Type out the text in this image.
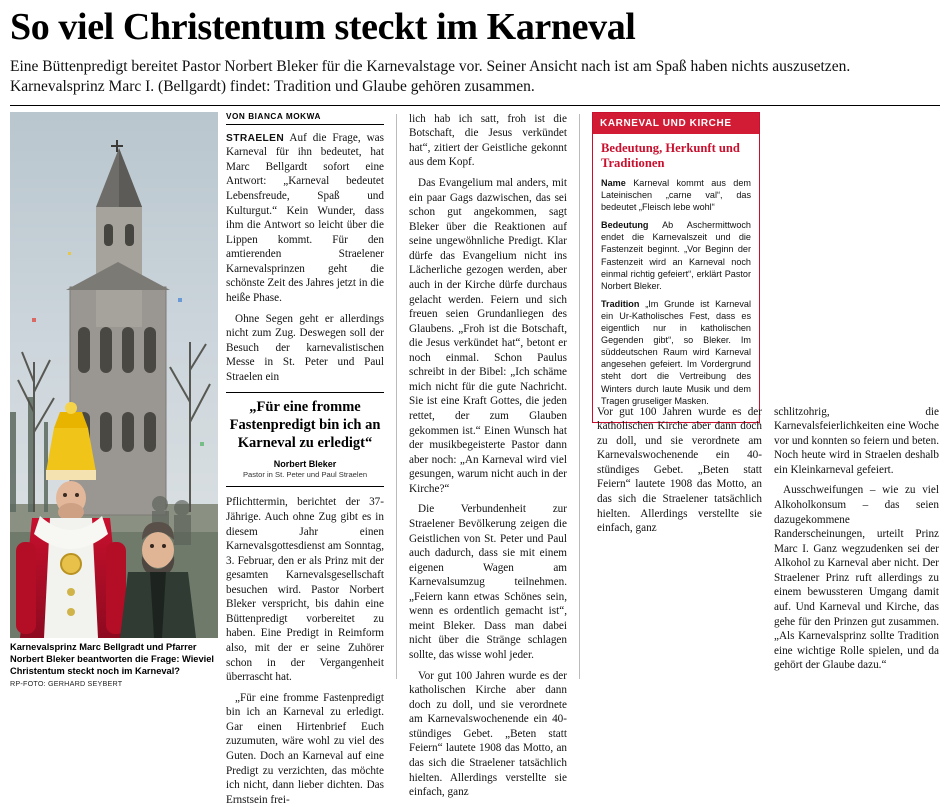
So viel Christentum steckt im Karneval
Eine Büttenpredigt bereitet Pastor Norbert Bleker für die Karnevalstage vor. Seiner Ansicht nach ist am Spaß haben nichts auszusetzen. Karnevalsprinz Marc I. (Bellgardt) findet: Tradition und Glaube gehören zusammen.
Karnevalsprinz Marc Bellgradt und Pfarrer Norbert Bleker beantworten die Frage: Wieviel Christentum steckt noch im Karneval?
RP-FOTO: GERHARD SEYBERT
VON BIANCA MOKWA

STRAELEN Auf die Frage, was Karneval für ihn bedeutet, hat Marc Bellgardt sofort eine Antwort: „Karneval bedeutet Lebensfreude, Spaß und Kulturgut.“ Kein Wunder, dass ihm die Antwort so leicht über die Lippen kommt. Für den amtierenden Straelener Karnevalsprinzen geht die schönste Zeit des Jahres jetzt in die heiße Phase.

Ohne Segen geht er allerdings nicht zum Zug. Deswegen soll der Besuch der karnevalistischen Messe in St. Peter und Paul Straelen ein

„Für eine fromme Fastenpredigt bin ich an Karneval zu erledigt“
Norbert Bleker
Pastor in St. Peter und Paul Straelen

Pflichttermin, berichtet der 37-Jährige. Auch ohne Zug gibt es in diesem Jahr einen Karnevalsgottesdienst am Sonntag, 3. Februar, den er als Prinz mit der gesamten Karnevalsgesellschaft besuchen wird. Pastor Norbert Bleker verspricht, bis dahin eine Büttenpredigt vorbereitet zu haben. Eine Predigt in Reimform also, mit der er seine Zuhörer schon in der Vergangenheit überrascht hat.

„Für eine fromme Fastenpredigt bin ich an Karneval zu erledigt. Gar einen Hirtenbrief Euch zuzumuten, wäre wohl zu viel des Guten. Doch an Karneval auf eine Predigt zu verzichten, das möchte ich nicht, dann lieber dichten. Das Ernstsein frei-

lich hab ich satt, froh ist die Botschaft, die Jesus verkündet hat“, zitiert der Geistliche gekonnt aus dem Kopf.

Das Evangelium mal anders, mit ein paar Gags dazwischen, das sei schon gut angekommen, sagt Bleker über die Reaktionen auf seine ungewöhnliche Predigt. Klar dürfe das Evangelium nicht ins Lächerliche gezogen werden, aber auch in der Kirche dürfe durchaus gelacht werden. Feiern und sich freuen seien Grundanliegen des Glaubens. „Froh ist die Botschaft, die Jesus verkündet hat“, betont er noch einmal. Schon Paulus schreibt in der Bibel: „Ich schäme mich nicht für die gute Nachricht. Sie ist eine Kraft Gottes, die jeden rettet, der zum Glauben gekommen ist.“ Einen Wunsch hat der musikbegeisterte Pastor dann aber noch: „An Karneval wird viel gesungen, warum nicht auch in der Kirche?“

Die Verbundenheit zur Straelener Bevölkerung zeigen die Geistlichen von St. Peter und Paul auch dadurch, dass sie mit einem eigenen Wagen am Karnevalsumzug teilnehmen. „Feiern kann etwas Schönes sein, wenn es ordentlich gemacht ist“, meint Bleker. Dass man dabei nicht über die Stränge schlagen sollte, das wisse wohl jeder.

Vor gut 100 Jahren wurde es der katholischen Kirche aber dann doch zu doll, und sie verordnete am Karnevalswochenende ein 40-stündiges Gebet. „Beten statt Feiern“ lautete 1908 das Motto, an das sich die Straelener tatsächlich hielten. Allerdings verstellte sie einfach, ganz

KARNEVAL UND KIRCHE
Bedeutung, Herkunft und Traditionen

Name Karneval kommt aus dem Lateinischen „carne val“, das bedeutet „Fleisch lebe wohl“

Bedeutung Ab Aschermittwoch endet die Karnevalszeit und die Fastenzeit beginnt. „Vor Beginn der Fastenzeit wird an Karneval noch einmal richtig gefeiert“, erklärt Pastor Norbert Bleker.

Tradition „Im Grunde ist Karneval ein Ur-Katholisches Fest, dass es eigentlich nur in katholischen Gegenden gibt“, so Bleker. Im süddeutschen Raum wird Karneval angesehen gefeiert. Im Vordergrund steht dort die Vertreibung des Winters durch laute Musik und dem Tragen gruseliger Masken.

Vor gut 100 Jahren wurde es der katholischen Kirche aber dann doch zu doll, und sie verordnete am Karnevalswochenende ein 40-stündiges Gebet. „Beten statt Feiern“ lautete 1908 das Motto, an das sich die Straelener tatsächlich hielten. Allerdings verstellte sie einfach, ganz

schlitzohrig, die Karnevalsfeierlichkeiten eine Woche vor und konnten so feiern und beten. Noch heute wird in Straelen deshalb ein Kleinkarneval gefeiert.

Ausschweifungen – wie zu viel Alkoholkonsum – das seien dazugekommene Randerscheinungen, urteilt Prinz Marc I. Ganz wegzudenken sei der Alkohol zu Karneval aber nicht. Der Straelener Prinz ruft allerdings zu einem bewussteren Umgang damit auf. Und Karneval und Kirche, das gehe für den Prinzen gut zusammen. „Als Karnevalsprinz sollte Tradition eine wichtige Rolle spielen, und da gehört der Glaube dazu.“
